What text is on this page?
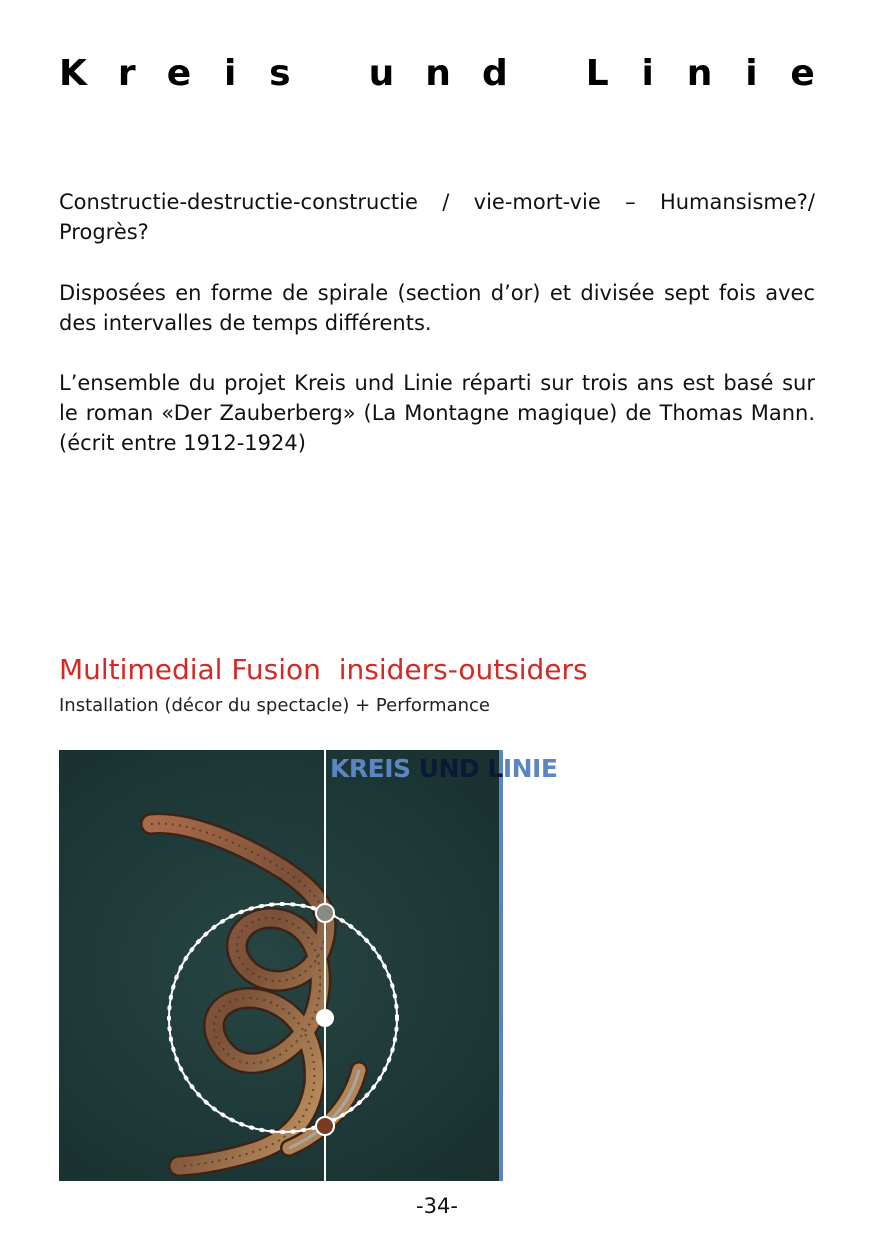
K r e i s u n d L i n i e

Constructie-destructie-constructie / vie-mort-vie – Humansisme?/ Progrès?

Disposées en forme de spirale (section d’or) et divisée sept fois avec des intervalles de temps différents.

L’ensemble du projet Kreis und Linie réparti sur trois ans est basé sur le roman «Der Zauberberg» (La Montagne magique) de Thomas Mann. (écrit entre 1912-1924)

Multimedial Fusion  insiders-outsiders
Installation (décor du spectacle) + Performance
KREIS UND LINIE
-34-
